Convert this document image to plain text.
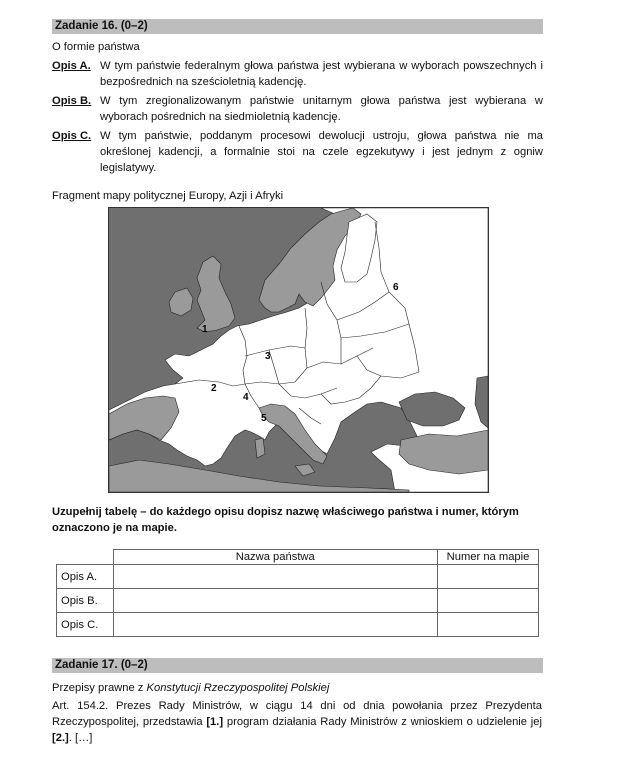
Zadanie 16. (0–2)
O formie państwa
Opis A. W tym państwie federalnym głowa państwa jest wybierana w wyborach powszechnych i bezpośrednich na sześcioletnią kadencję.
Opis B. W tym zregionalizowanym państwie unitarnym głowa państwa jest wybierana w wyborach pośrednich na siedmioletnią kadencję.
Opis C. W tym państwie, poddanym procesowi dewolucji ustroju, głowa państwa nie ma określonej kadencji, a formalnie stoi na czele egzekutywy i jest jednym z ogniw legislatywy.
Fragment mapy politycznej Europy, Azji i Afryki
1
2
3
4
5
6
Uzupełnij tabelę – do każdego opisu dopisz nazwę właściwego państwa i numer, którym oznaczono je na mapie.
	Nazwa państwa	Numer na mapie
Opis A.		
Opis B.		
Opis C.		
Zadanie 17. (0–2)
Przepisy prawne z Konstytucji Rzeczypospolitej Polskiej
Art. 154.2. Prezes Rady Ministrów, w ciągu 14 dni od dnia powołania przez Prezydenta Rzeczypospolitej, przedstawia [1.] program działania Rady Ministrów z wnioskiem o udzielenie jej [2.]. […]
